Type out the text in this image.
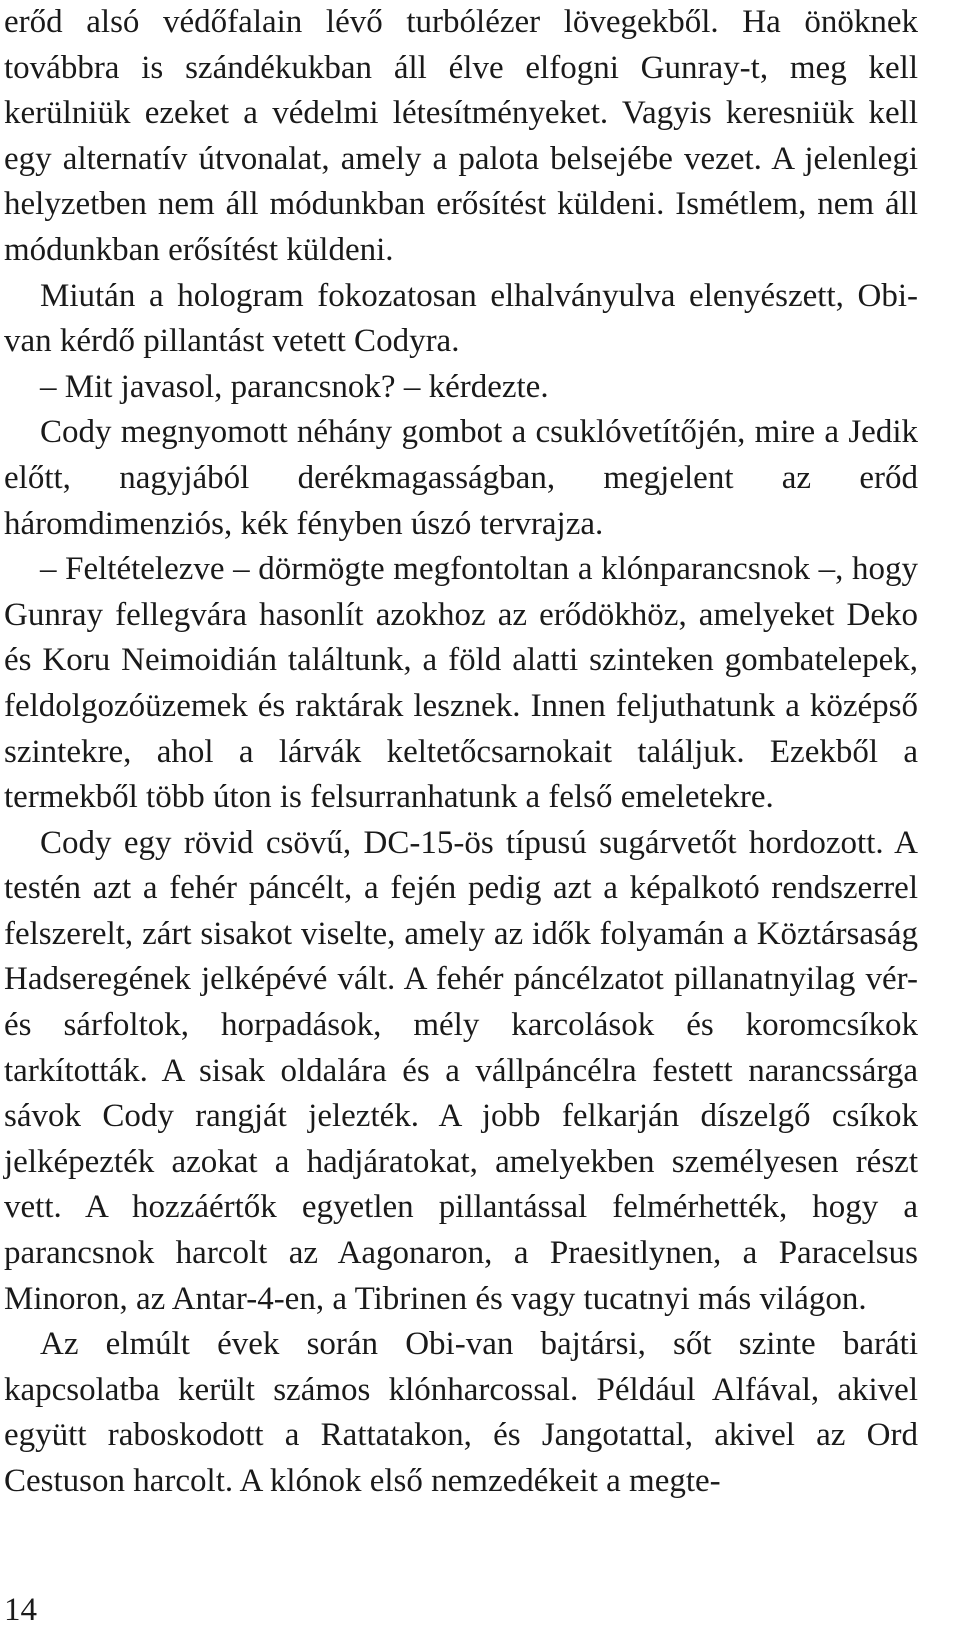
erőd alsó védőfalain lévő turbólézer lövegekből. Ha önöknek továbbra is szándékukban áll élve elfogni Gunray-t, meg kell kerülniük ezeket a védelmi létesítményeket. Vagyis keresniük kell egy alternatív útvonalat, amely a palota belsejébe vezet. A jelenlegi helyzetben nem áll módunkban erősítést küldeni. Ismétlem, nem áll módunkban erősítést küldeni.

Miután a hologram fokozatosan elhalványulva elenyészett, Obi-van kérdő pillantást vetett Codyra.

– Mit javasol, parancsnok? – kérdezte.

Cody megnyomott néhány gombot a csuklóvetítőjén, mire a Jedik előtt, nagyjából derékmagasságban, megjelent az erőd háromdimenziós, kék fényben úszó tervrajza.

– Feltételezve – dörmögte megfontoltan a klónparancsnok –, hogy Gunray fellegvára hasonlít azokhoz az erődökhöz, amelyeket Deko és Koru Neimoidián találtunk, a föld alatti szinteken gombatelepek, feldolgozóüzemek és raktárak lesznek. Innen feljuthatunk a középső szintekre, ahol a lárvák keltetőcsarnokait találjuk. Ezekből a termekből több úton is felsurranhatunk a felső emeletekre.

Cody egy rövid csövű, DC-15-ös típusú sugárvetőt hordozott. A testén azt a fehér páncélt, a fején pedig azt a képalkotó rendszerrel felszerelt, zárt sisakot viselte, amely az idők folyamán a Köztársaság Hadseregének jelképévé vált. A fehér páncélzatot pillanatnyilag vér- és sárfoltok, horpadások, mély karcolások és koromcsíkok tarkították. A sisak oldalára és a vállpáncélra festett narancssárga sávok Cody rangját jelezték. A jobb felkarján díszelgő csíkok jelképezték azokat a hadjáratokat, amelyekben személyesen részt vett. A hozzáértők egyetlen pillantással felmérhették, hogy a parancsnok harcolt az Aagonaron, a Praesitlynen, a Paracelsus Minoron, az Antar-4-en, a Tibrinen és vagy tucatnyi más világon.

Az elmúlt évek során Obi-van bajtársi, sőt szinte baráti kapcsolatba került számos klónharcossal. Például Alfával, akivel együtt raboskodott a Rattatakon, és Jangotattal, akivel az Ord Cestuson harcolt. A klónok első nemzedékeit a megte-

14
